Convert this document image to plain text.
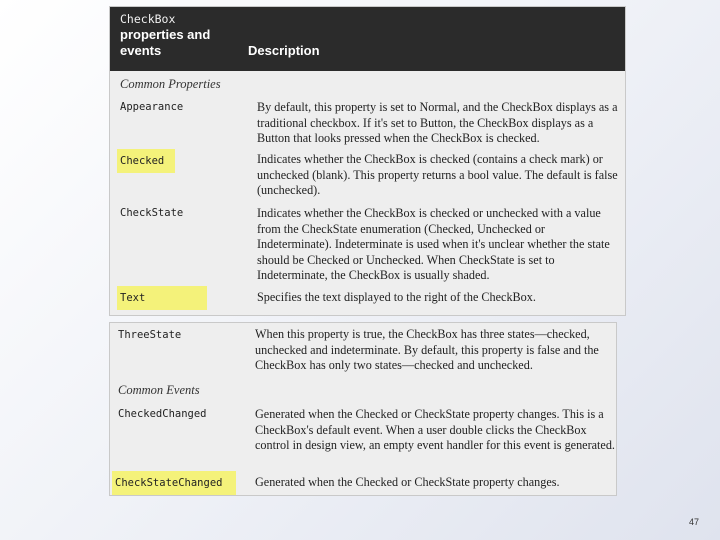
CheckBox
properties and events	Description
Common Properties
Appearance	By default, this property is set to Normal, and the CheckBox displays as a traditional checkbox. If it's set to Button, the CheckBox displays as a Button that looks pressed when the CheckBox is checked.

Checked	Indicates whether the CheckBox is checked (contains a check mark) or unchecked (blank). This property returns a bool value. The default is false (unchecked).

CheckState	Indicates whether the CheckBox is checked or unchecked with a value from the CheckState enumeration (Checked, Unchecked or Indeterminate). Indeterminate is used when it's unclear whether the state should be Checked or Unchecked. When CheckState is set to Indeterminate, the CheckBox is usually shaded.

Text	Specifies the text displayed to the right of the CheckBox.

ThreeState	When this property is true, the CheckBox has three states—checked, unchecked and indeterminate. By default, this property is false and the CheckBox has only two states—checked and unchecked.

Common Events
CheckedChanged	Generated when the Checked or CheckState property changes. This is a CheckBox's default event. When a user double clicks the CheckBox control in design view, an empty event handler for this event is generated.

CheckStateChanged	Generated when the Checked or CheckState property changes.

47
